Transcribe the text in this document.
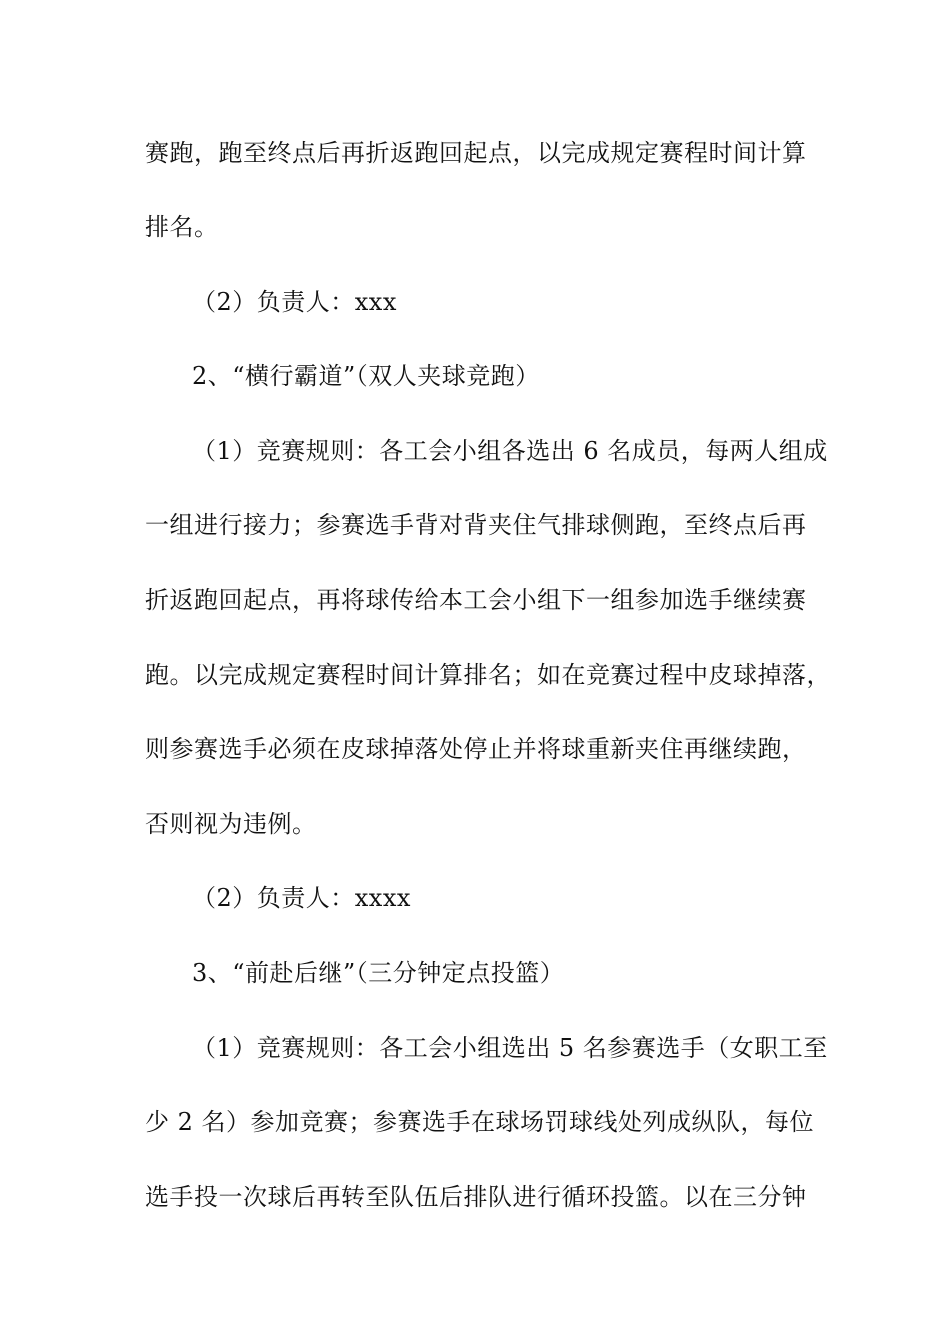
赛跑，跑至终点后再折返跑回起点，以完成规定赛程时间计算
排名。
（2）负责人：xxx
2、“横行霸道”（双人夹球竞跑）
（1）竞赛规则：各工会小组各选出 6 名成员，每两人组成
一组进行接力；参赛选手背对背夹住气排球侧跑，至终点后再
折返跑回起点，再将球传给本工会小组下一组参加选手继续赛
跑。以完成规定赛程时间计算排名；如在竞赛过程中皮球掉落，
则参赛选手必须在皮球掉落处停止并将球重新夹住再继续跑，
否则视为违例。
（2）负责人：xxxx
3、“前赴后继”（三分钟定点投篮）
（1）竞赛规则：各工会小组选出 5 名参赛选手（女职工至
少 2 名）参加竞赛；参赛选手在球场罚球线处列成纵队，每位
选手投一次球后再转至队伍后排队进行循环投篮。以在三分钟
